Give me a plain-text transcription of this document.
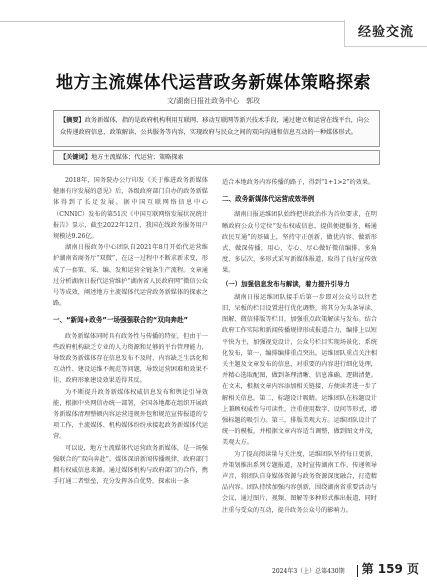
经验交流
地方主流媒体代运营政务新媒体策略探索
文/湖南日报社政务中心　郭玫
【摘要】政务新媒体，指的是政府机构利用互联网、移动互联网等新兴技术手段，通过建立和运营在线平台，向公众传递政府信息、政策解读、公共服务等内容，实现政府与民众之间的双向沟通和信息互动的一种媒体形式。
【关键词】地方主流媒体；代运营；策略探索

2018年，国务院办公厅印发《关于推进政务新媒体健康有序发展的意见》后，各级政府部门自办的政务新媒体得到了长足发展。据中国互联网络信息中心（CNNIC）发布的第51次《中国互联网络发展状况统计报告》显示，截至2022年12月，我国在线政务服务用户规模达9.26亿。

湖南日报政务中心团队自2021年8月开始代运营维护湖南省商务厅“双微”，在这一过程中不断求新求变，形成了一套策、采、编、发和运营全链条生产流程。文章通过分析湖南日报代运营维护“湖南省人民政府网”微信公众号等成效，阐述地方主流媒体代运营政务新媒体的探索之路。

一、“新闻+政务”一场强强联合的“双向奔赴”

政务新媒体同时具有政务性与传播的特征，但由于一些政府机构缺乏专业的人力资源和足够的平台管理能力，导致政务新媒体存在信息发布不及时、内容缺乏生活化和互动性、建设运维不规范等问题，导致运营困难和效果不佳，政府形象建设效果适得其反。

为不断提升政务新媒体权威信息发布和舆论引导效能，根据中央网信办统一部署，全国各地都在组织开展政务新媒体清理整顿内容运营违规外包和规范宣传报道的专项工作，主流媒体、机构媒体纷纷承接起政务新媒体代运营。

可以说，地方主流媒体代运营政务新媒体，是一场强强联合的“双向奔赴”。媒体深谙新闻传播规律，政府部门拥有权威信息来源。通过媒体机构与政府部门的合作，携手打通二者壁垒，充分发挥各自优势，探索出一条

适合本地政务内容传播的路子，得到“1+1>2”的效果。

二、政务新媒体代运营成效举例

湖南日报运维团队始终把讲政治作为首位要求，在明晰政府公众号定位“发布权威信息、提供便捷服务，畅通政民互通”的基础上，坚持守正创新，做优内容、做新形式、做深传播，用心、专心、尽心做好微信编排。多角度、多层次、多形式采写新媒体报道，取得了良好宣传效果。

（一）加强信息发布与解读，着力提升引导力

湖南日报运维团队接手后第一步即对公众号以往老旧、呆板的栏目设置进行优化调整，将其分为头条导读、图解、微信排版等栏目，加强重点政策解读与发布。结合政府工作实际和新闻传播规律形成报道合力，编排上以短平快为主，加强视觉设计，公众号栏目实现场景化、系统化发布，第一，编排编排重点突出。运维团队重点关注相关主题及文章发布的信息，对重要的内容进行细化处理，并精心选取配图，做到条理清晰、信息准确、逻辑清楚。在文末，根据文章内容添加相关链接，方便读者进一步了解相关信息。第二，标题设计吸睛。运维团队在标题设计上兼顾权威性与可读性，注重使用数字、设问等形式，增强标题的吸引力。第三，排版美观大方。运维团队设计了统一的模板，并根据文章内容适当调整，做到图文并茂，美观大方。

为了提高阅读量与关注度，运维团队坚持每日更新，并策划推出系列专题报道，及时宣传湖南工作、传递领导声音，将团队自身媒体资源与政务资源深度融合，打造精品内容。团队持续加强内容创新，围绕湖南省重要活动与会议，通过图片、视频、图解等多种形式推出报道，同时注重与受众的互动，提升政务公众号的影响力。

2024年3（上）总第430期 第 159 页
